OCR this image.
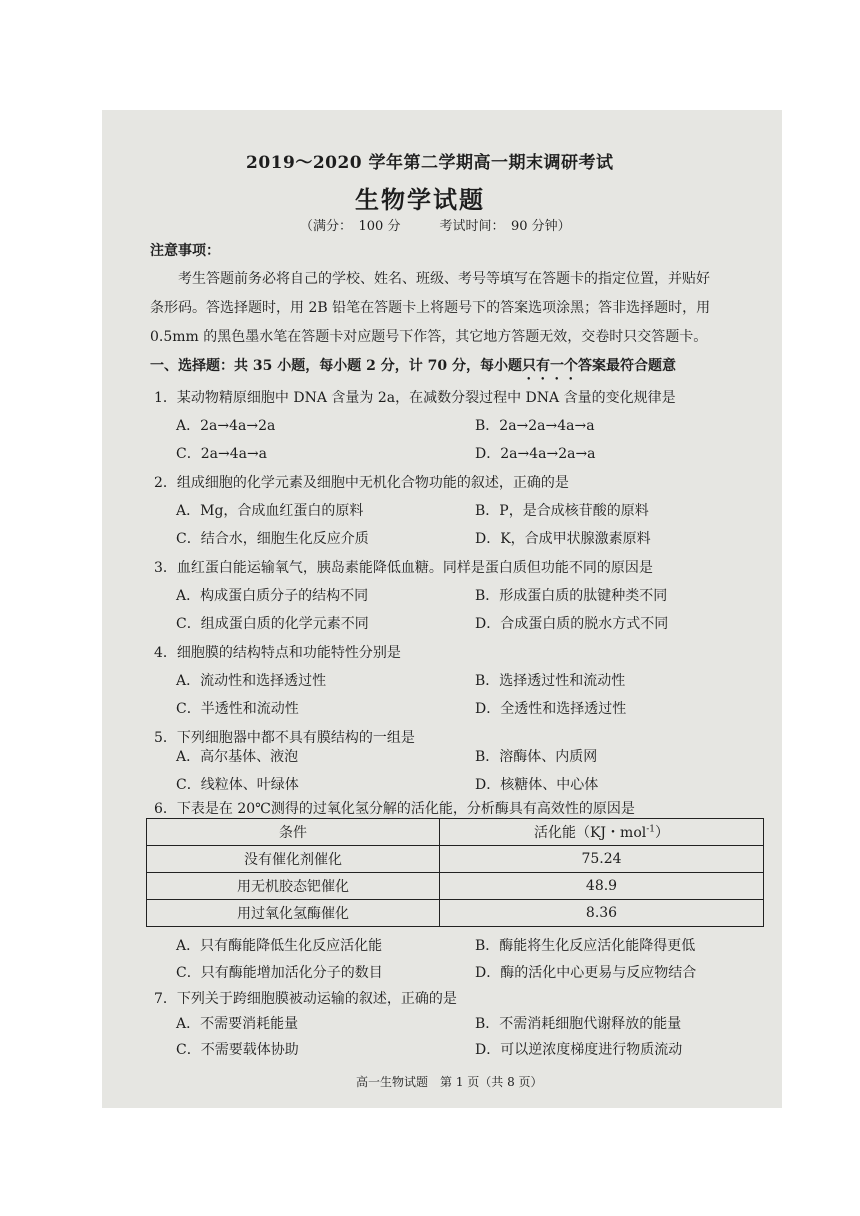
2019～2020 学年第二学期高一期末调研考试
生物学试题
（满分：　100 分　　　考试时间：　90 分钟）
注意事项：
考生答题前务必将自己的学校、姓名、班级、考号等填写在答题卡的指定位置，并贴好
条形码。答选择题时，用 2B 铅笔在答题卡上将题号下的答案选项涂黑；答非选择题时，用
0.5mm 的黑色墨水笔在答题卡对应题号下作答，其它地方答题无效，交卷时只交答题卡。
一、选择题：共 35 小题，每小题 2 分，计 70 分，每小题只有一个答案最符合题意
1．某动物精原细胞中 DNA 含量为 2a，在减数分裂过程中 DNA 含量的变化规律是
A．2a→4a→2a	B．2a→2a→4a→a
C．2a→4a→a	D．2a→4a→2a→a
2．组成细胞的化学元素及细胞中无机化合物功能的叙述，正确的是
A．Mg，合成血红蛋白的原料	B．P，是合成核苷酸的原料
C．结合水，细胞生化反应介质	D．K，合成甲状腺激素原料
3．血红蛋白能运输氧气，胰岛素能降低血糖。同样是蛋白质但功能不同的原因是
A．构成蛋白质分子的结构不同	B．形成蛋白质的肽键种类不同
C．组成蛋白质的化学元素不同	D．合成蛋白质的脱水方式不同
4．细胞膜的结构特点和功能特性分别是
A．流动性和选择透过性	B．选择透过性和流动性
C．半透性和流动性	D．全透性和选择透过性
5．下列细胞器中都不具有膜结构的一组是
A．高尔基体、液泡	B．溶酶体、内质网
C．线粒体、叶绿体	D．核糖体、中心体
6．下表是在 20℃测得的过氧化氢分解的活化能，分析酶具有高效性的原因是
条件	活化能（KJ・mol$^{-1}$）
没有催化剂催化	75.24
用无机胶态钯催化	48.9
用过氧化氢酶催化	8.36
A．只有酶能降低生化反应活化能	B．酶能将生化反应活化能降得更低
C．只有酶能增加活化分子的数目	D．酶的活化中心更易与反应物结合
7．下列关于跨细胞膜被动运输的叙述，正确的是
A．不需要消耗能量	B．不需消耗细胞代谢释放的能量
C．不需要载体协助	D．可以逆浓度梯度进行物质流动
高一生物试题　第 1 页（共 8 页）
